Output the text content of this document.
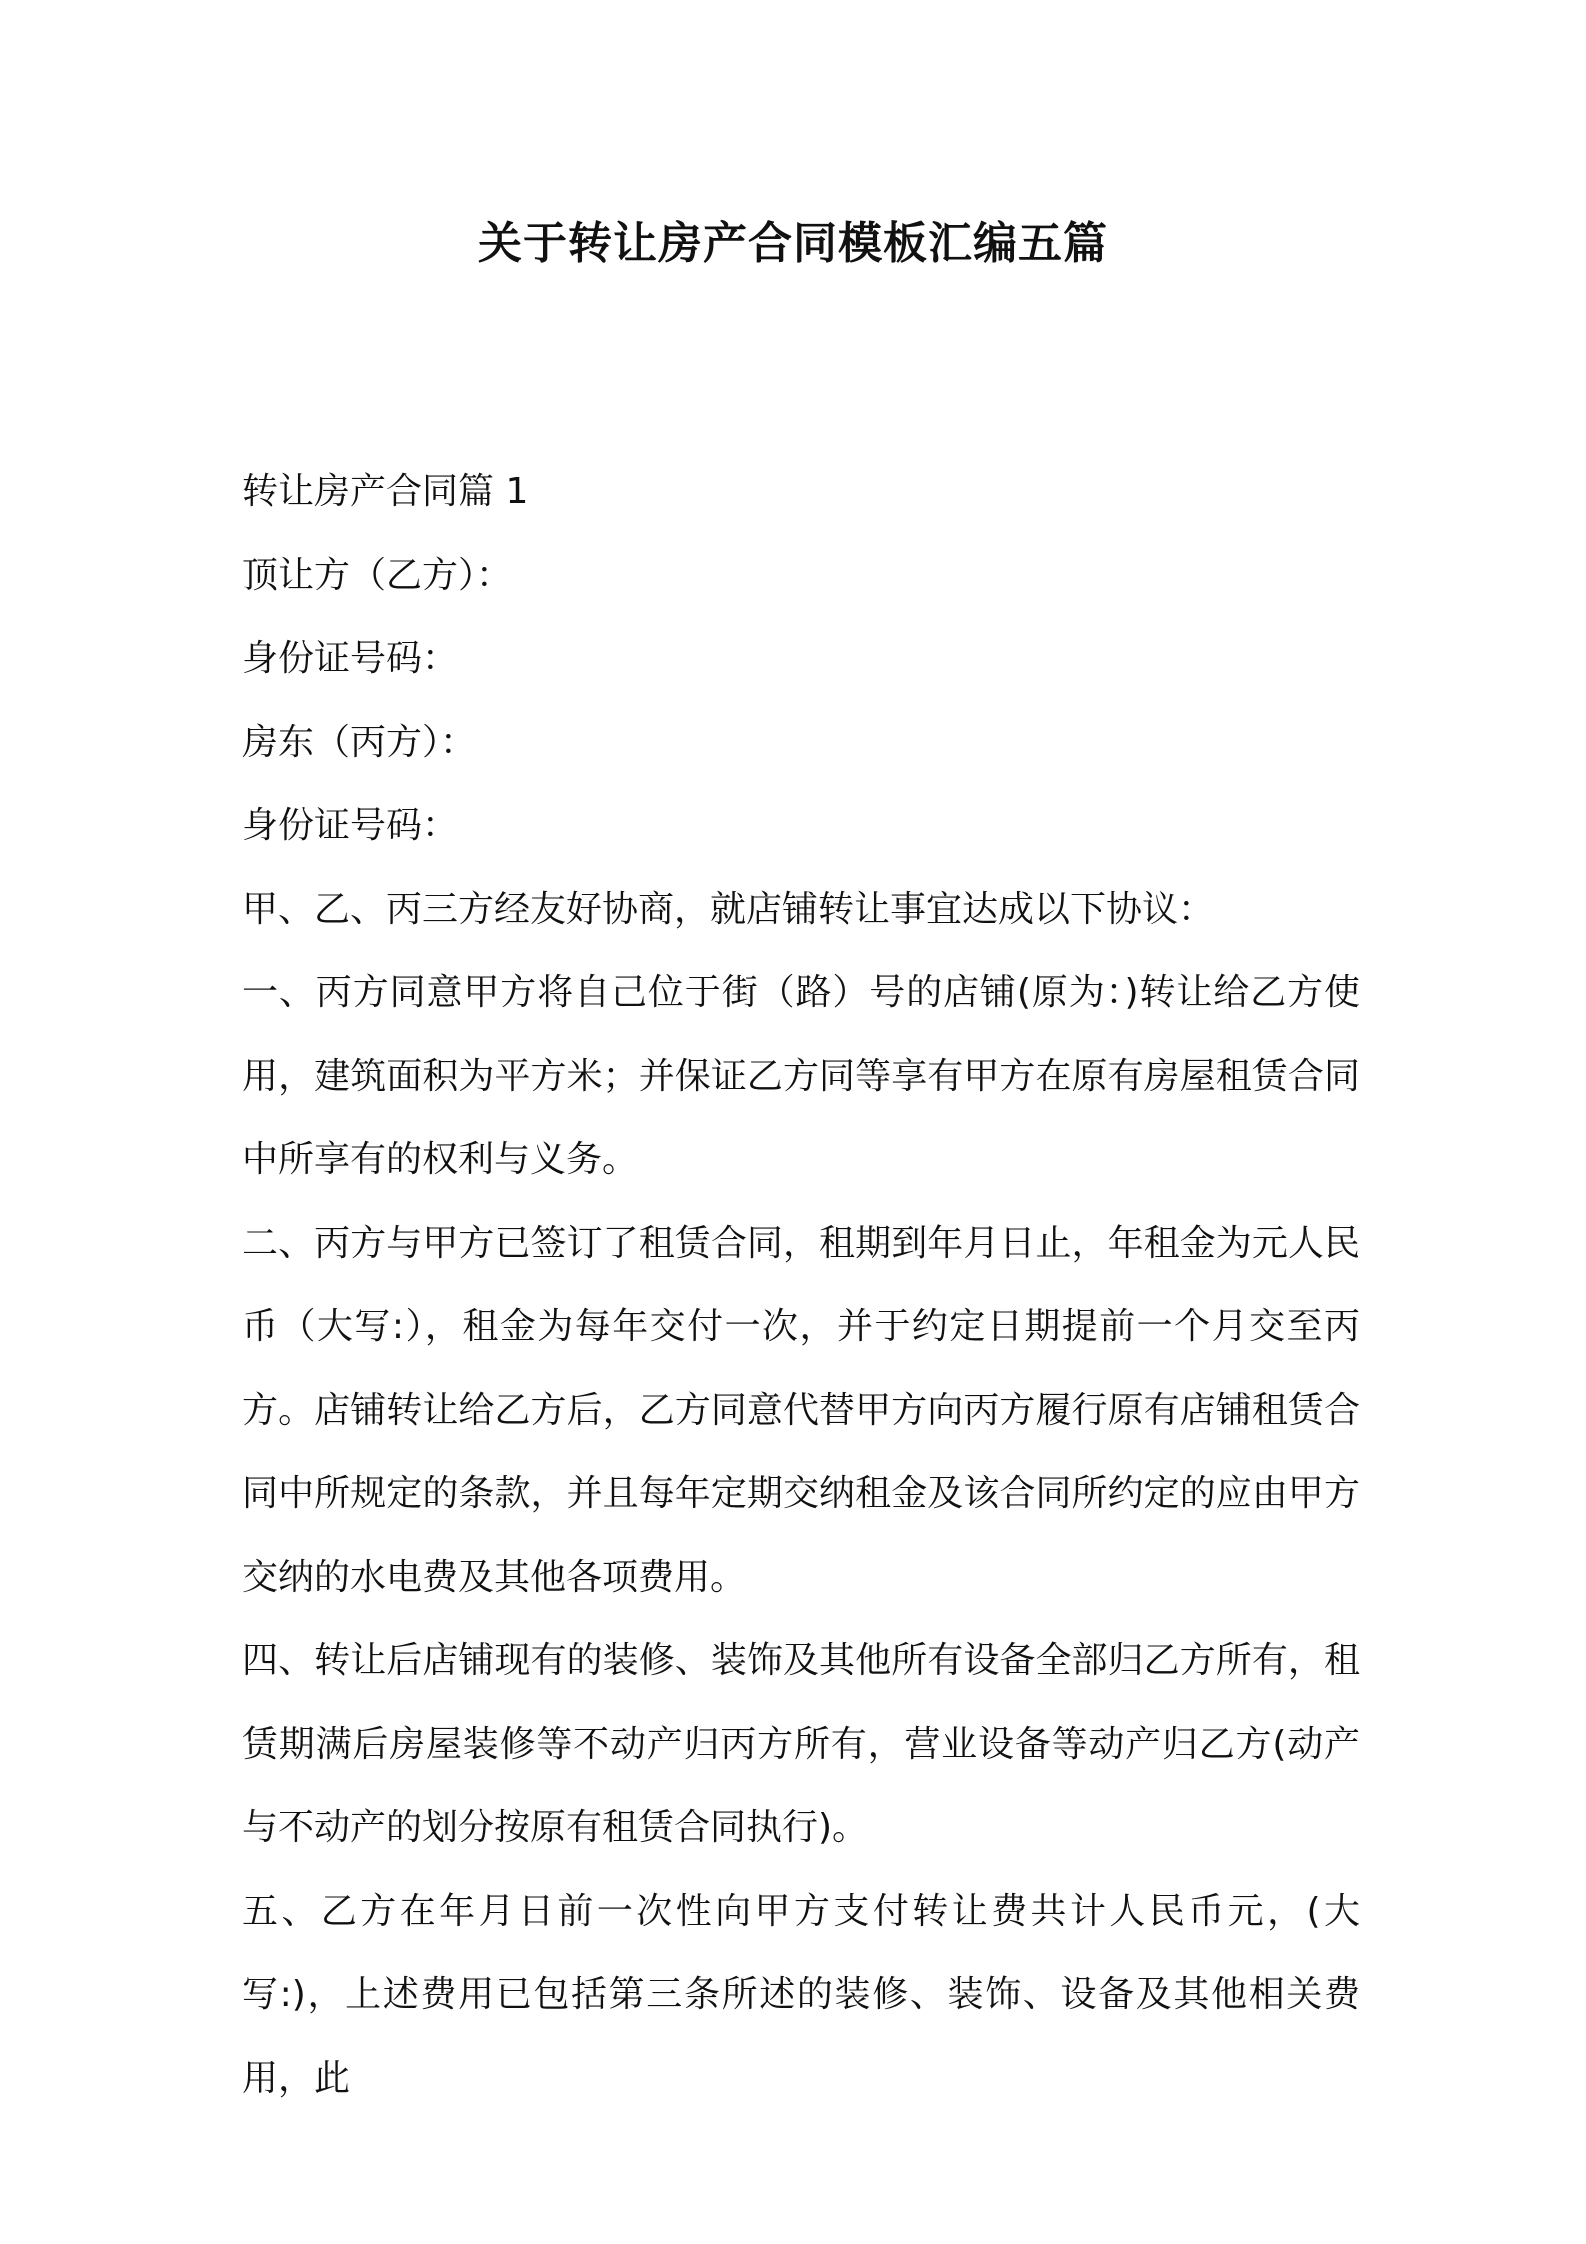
关于转让房产合同模板汇编五篇

转让房产合同篇 1

顶让方（乙方）：

身份证号码：

房东（丙方）：

身份证号码：

甲、乙、丙三方经友好协商，就店铺转让事宜达成以下协议：

一、丙方同意甲方将自己位于街（路）号的店铺(原为：)转让给乙方使用，建筑面积为平方米；并保证乙方同等享有甲方在原有房屋租赁合同中所享有的权利与义务。

二、丙方与甲方已签订了租赁合同，租期到年月日止，年租金为元人民币（大写:），租金为每年交付一次，并于约定日期提前一个月交至丙方。店铺转让给乙方后，乙方同意代替甲方向丙方履行原有店铺租赁合同中所规定的条款，并且每年定期交纳租金及该合同所约定的应由甲方交纳的水电费及其他各项费用。

四、转让后店铺现有的装修、装饰及其他所有设备全部归乙方所有，租赁期满后房屋装修等不动产归丙方所有，营业设备等动产归乙方(动产与不动产的划分按原有租赁合同执行)。

五、乙方在年月日前一次性向甲方支付转让费共计人民币元，(大写:)，上述费用已包括第三条所述的装修、装饰、设备及其他相关费用，此
